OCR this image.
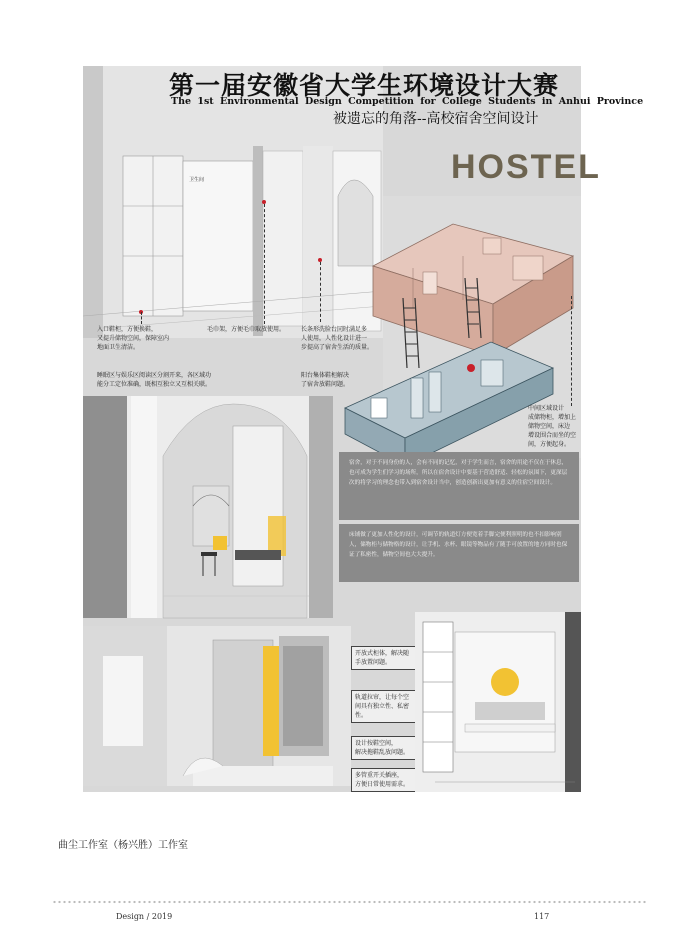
卫生间
第一届安徽省大学生环境设计大赛
The 1st Environmental Design Competition for College Students in Anhui Province
被遗忘的角落--高校宿舍空间设计
HOSTEL
入口鞋柜，方便换鞋，
又提升储物空间，保障室内
地面卫生清洁。
毛巾架，方便毛巾取放使用。	长条形洗脸台同时满足多
人使用，人性化设计进一
步提高了宿舍生活的质量。
睡眠区与娱乐区阅读区分割开来，各区域功
能分工定位准确，既相互独立又互相关联。
阳台集体鞋柜解决
了宿舍放鞋问题。
中间区域设计
成储物柜，增加上
储物空间，床边
增设围合而坐的空
间，方便起身。
宿舍，对于不同身份的人，会有不同的记忆，对于学生而言，宿舍的用途不仅在于休息，也可成为学生们学习的场所，所以在宿舍设计中要基于营造舒适、轻松的氛围下，更深层次的将学习的理念也带入到宿舍设计当中，创造创新出更加有意义的住宿空间设计。
床铺做了更加人性化的设计，可调节的轨道灯方便宽着手脚完便利照明的也不扣影响别人，储物柜与储物格的设计，让手机、水杯、眼镜等物品有了随手可放置的地方同时也保证了私密性，储物空间也大大提升。
开放式柜体，解决随
手放置问题。
轨道拉帘，让每个空
间具有独立性、私密性。
设计按鞋空间，
解决拖鞋乱放问题。
多管重开关插座，
方便日常使用需求。
曲尘工作室（杨兴胜）工作室
Design / 2019	117
